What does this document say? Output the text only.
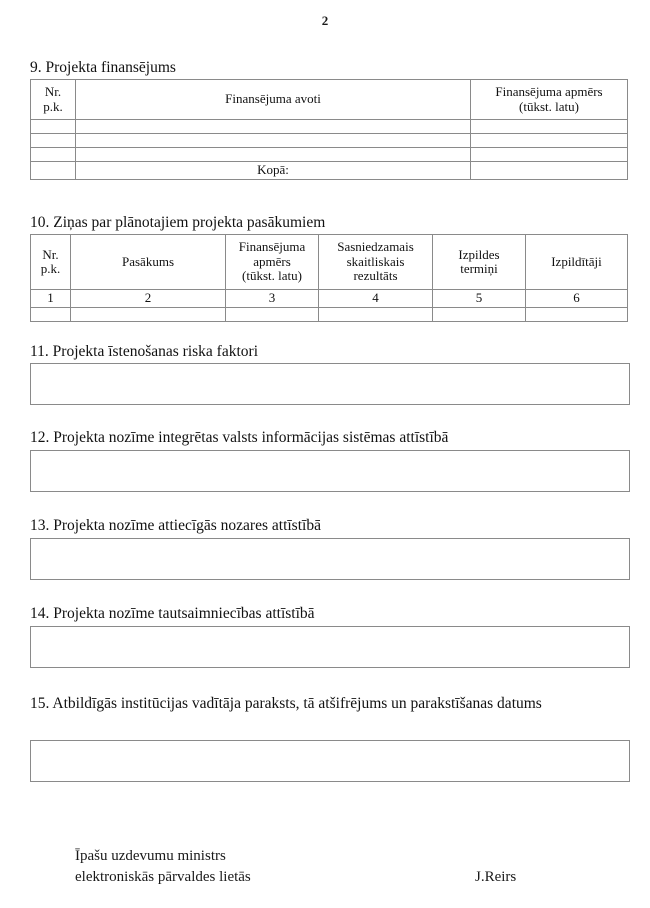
2
9. Projekta finansējums
Nr.
p.k.	Finansējuma avoti	Finansējuma apmērs
(tūkst. latu)

	Kopā:	
10. Ziņas par plānotajiem projekta pasākumiem
Nr.
p.k.	Pasākums	Finansējuma
apmērs
(tūkst. latu)	Sasniedzamais
skaitliskais
rezultāts	Izpildes
termiņi	Izpildītāji
1	2	3	4	5	6

11. Projekta īstenošanas riska faktori
12. Projekta nozīme integrētas valsts informācijas sistēmas attīstībā
13. Projekta nozīme attiecīgās nozares attīstībā
14. Projekta nozīme tautsaimniecības attīstībā
15. Atbildīgās institūcijas vadītāja paraksts, tā atšifrējums un parakstīšanas datums
Īpašu uzdevumu ministrs
elektroniskās pārvaldes lietās	J.Reirs
